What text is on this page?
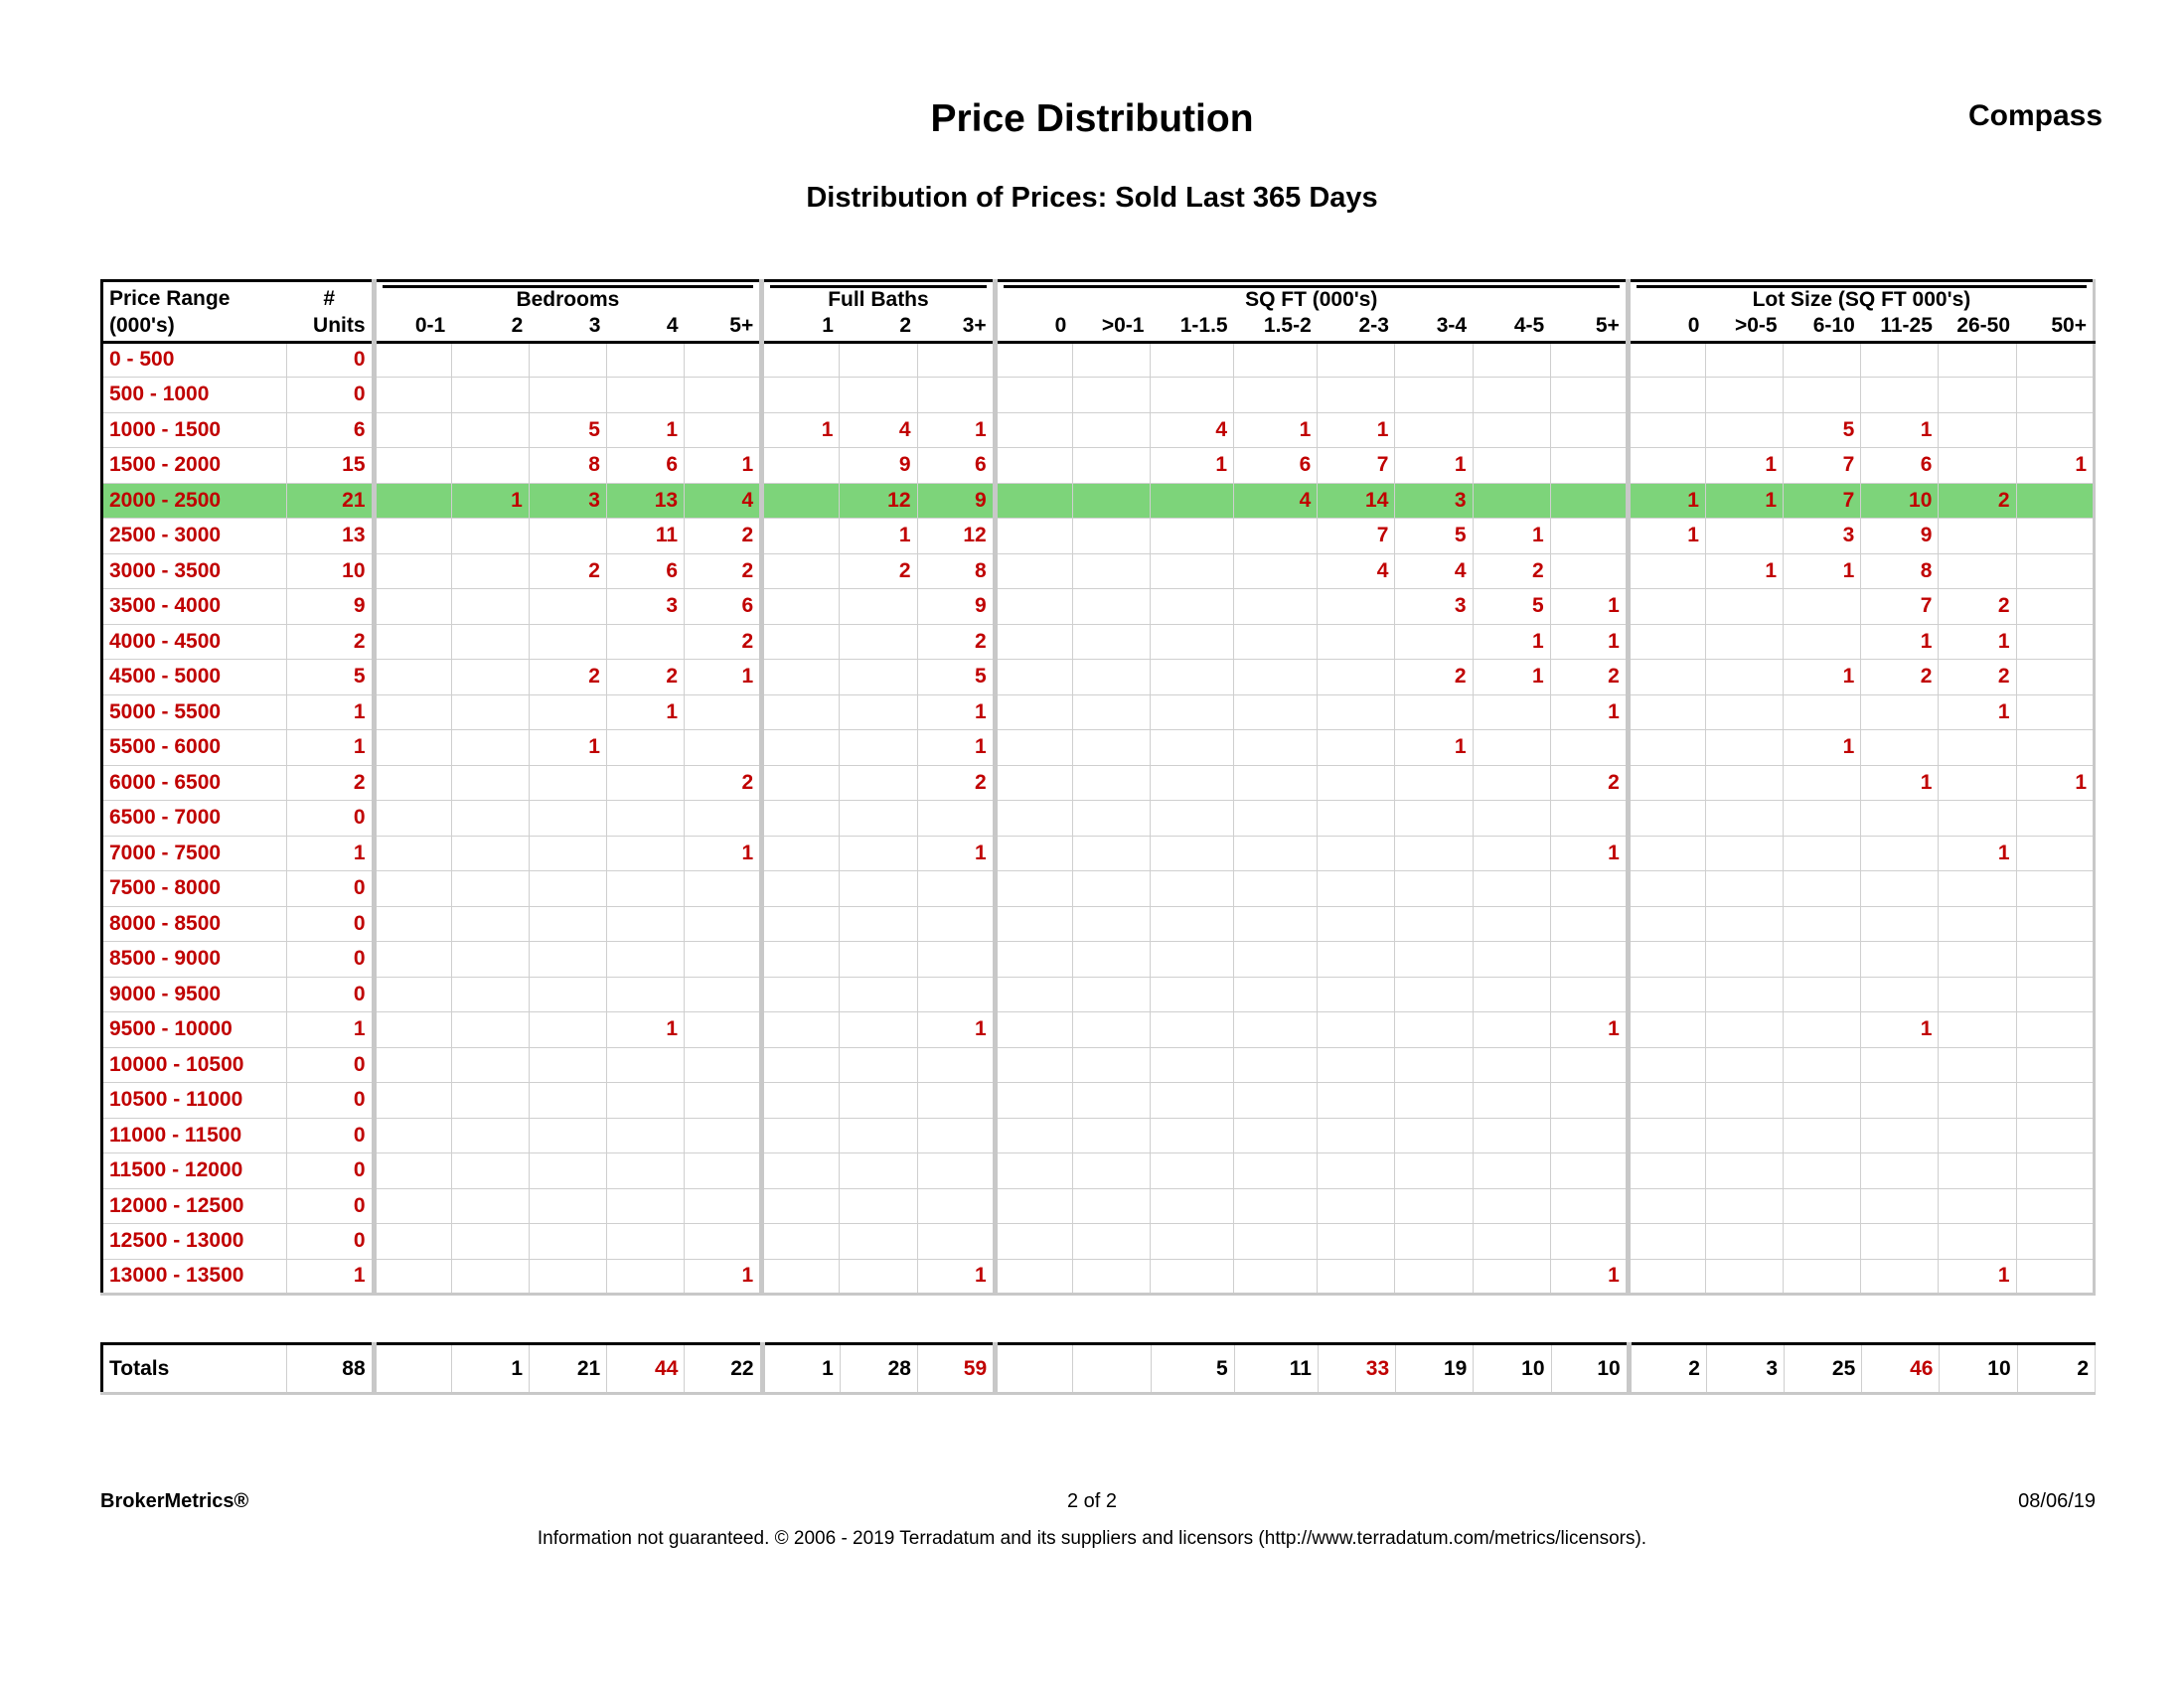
Price Distribution	Compass
Distribution of Prices: Sold Last 365 Days
Price Range	#	Bedrooms					Full Baths			SQ FT (000's)								Lot Size (SQ FT 000's)					

(000's)	Units	0-1	2	3	4	5+	1	2	3+	0	>0-1	1-1.5	1.5-2	2-3	3-4	4-5	5+	0	>0-5	6-10	11-25	26-50	50+
0 - 500	0																						
500 - 1000	0																						
1000 - 1500	6			5	1		1	4	1			4	1	1						5	1		
1500 - 2000	15			8	6	1		9	6			1	6	7	1				1	7	6		1
2000 - 2500	21		1	3	13	4		12	9				4	14	3			1	1	7	10	2	
2500 - 3000	13				11	2		1	12					7	5	1		1		3	9		
3000 - 3500	10			2	6	2		2	8					4	4	2			1	1	8		
3500 - 4000	9				3	6			9						3	5	1				7	2	
4000 - 4500	2					2			2							1	1				1	1	
4500 - 5000	5			2	2	1			5						2	1	2			1	2	2	
5000 - 5500	1				1				1								1					1	
5500 - 6000	1			1					1						1					1			
6000 - 6500	2					2			2								2				1		1
6500 - 7000	0																						
7000 - 7500	1					1			1								1					1	
7500 - 8000	0																						
8000 - 8500	0																						
8500 - 9000	0																						
9000 - 9500	0																						
9500 - 10000	1				1				1								1				1		
10000 - 10500	0																						
10500 - 11000	0																						
11000 - 11500	0																						
11500 - 12000	0																						
12000 - 12500	0																						
12500 - 13000	0																						
13000 - 13500	1					1			1								1					1	
Totals	88		1	21	44	22	1	28	59			5	11	33	19	10	10	2	3	25	46	10	2
BrokerMetrics®	2 of 2	08/06/19
Information not guaranteed. © 2006 - 2019 Terradatum and its suppliers and licensors (http://www.terradatum.com/metrics/licensors).
